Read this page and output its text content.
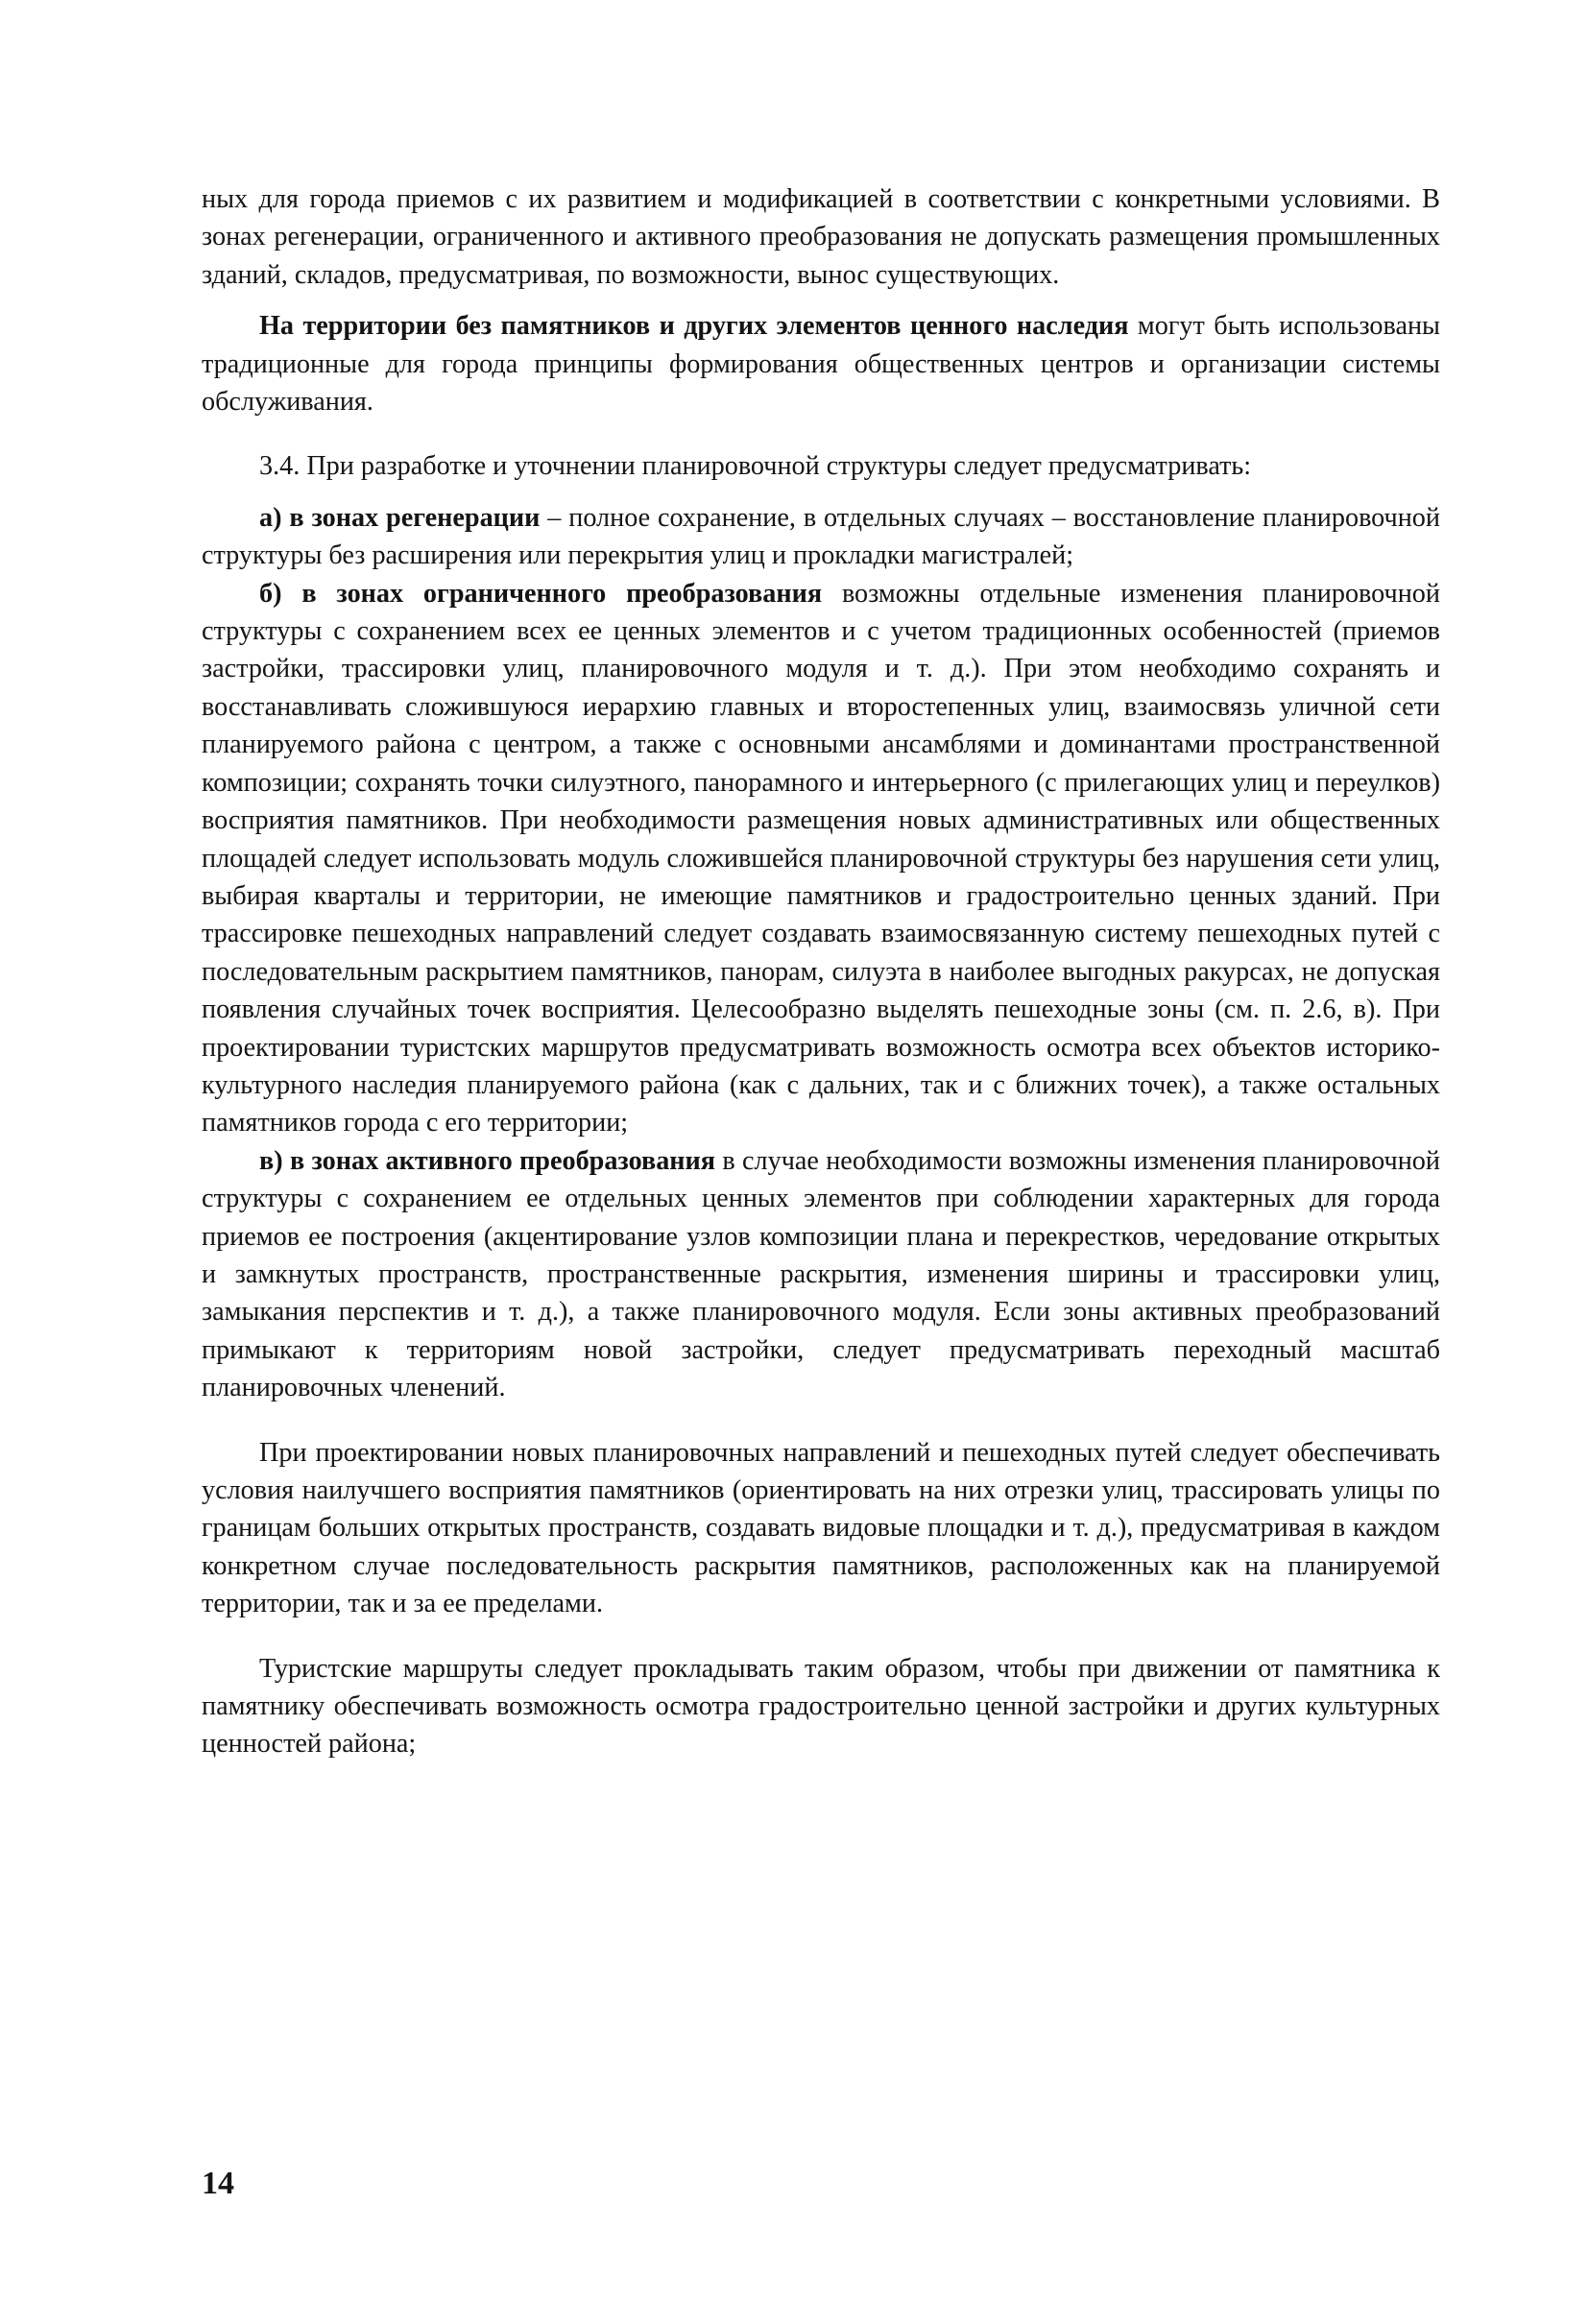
ных для города приемов с их развитием и модификацией в соответствии с конкретными условиями. В зонах регенерации, ограниченного и активного преобразования не допускать размещения промышленных зданий, складов, предусматривая, по возможности, вынос существующих.

На территории без памятников и других элементов ценного наследия могут быть использованы традиционные для города принципы формирования общественных центров и организации системы обслуживания.

3.4. При разработке и уточнении планировочной структуры следует предусматривать:

а) в зонах регенерации – полное сохранение, в отдельных случаях – восстановление планировочной структуры без расширения или перекрытия улиц и прокладки магистралей;

б) в зонах ограниченного преобразования возможны отдельные изменения планировочной структуры с сохранением всех ее ценных элементов и с учетом традиционных особенностей (приемов застройки, трассировки улиц, планировочного модуля и т. д.). При этом необходимо сохранять и восстанавливать сложившуюся иерархию главных и второстепенных улиц, взаимосвязь уличной сети планируемого района с центром, а также с основными ансамблями и доминантами пространственной композиции; сохранять точки силуэтного, панорамного и интерьерного (с прилегающих улиц и переулков) восприятия памятников. При необходимости размещения новых административных или общественных площадей следует использовать модуль сложившейся планировочной структуры без нарушения сети улиц, выбирая кварталы и территории, не имеющие памятников и градостроительно ценных зданий. При трассировке пешеходных направлений следует создавать взаимосвязанную систему пешеходных путей с последовательным раскрытием памятников, панорам, силуэта в наиболее выгодных ракурсах, не допуская появления случайных точек восприятия. Целесообразно выделять пешеходные зоны (см. п. 2.6, в). При проектировании туристских маршрутов предусматривать возможность осмотра всех объектов историко-культурного наследия планируемого района (как с дальних, так и с ближних точек), а также остальных памятников города с его территории;

в) в зонах активного преобразования в случае необходимости возможны изменения планировочной структуры с сохранением ее отдельных ценных элементов при соблюдении характерных для города приемов ее построения (акцентирование узлов композиции плана и перекрестков, чередование открытых и замкнутых пространств, пространственные раскрытия, изменения ширины и трассировки улиц, замыкания перспектив и т. д.), а также планировочного модуля. Если зоны активных преобразований примыкают к территориям новой застройки, следует предусматривать переходный масштаб планировочных членений.

При проектировании новых планировочных направлений и пешеходных путей следует обеспечивать условия наилучшего восприятия памятников (ориентировать на них отрезки улиц, трассировать улицы по границам больших открытых пространств, создавать видовые площадки и т. д.), предусматривая в каждом конкретном случае последовательность раскрытия памятников, расположенных как на планируемой территории, так и за ее пределами.

Туристские маршруты следует прокладывать таким образом, чтобы при движении от памятника к памятнику обеспечивать возможность осмотра градостроительно ценной застройки и других культурных ценностей района;

14
